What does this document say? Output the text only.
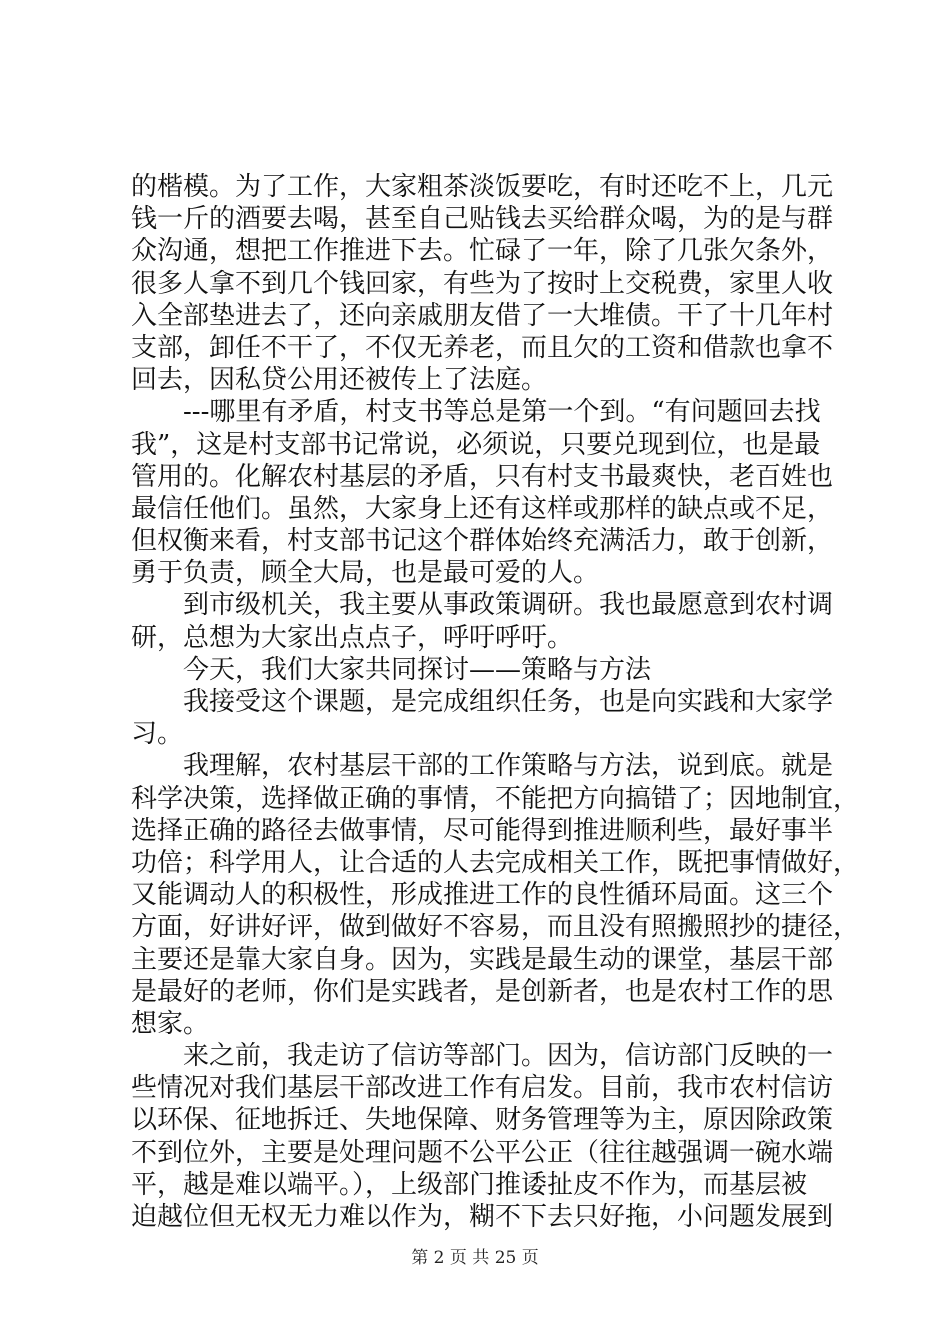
的楷模。为了工作，大家粗茶淡饭要吃，有时还吃不上，几元
钱一斤的酒要去喝，甚至自己贴钱去买给群众喝，为的是与群
众沟通，想把工作推进下去。忙碌了一年，除了几张欠条外，
很多人拿不到几个钱回家，有些为了按时上交税费，家里人收
入全部垫进去了，还向亲戚朋友借了一大堆债。干了十几年村
支部，卸任不干了，不仅无养老，而且欠的工资和借款也拿不
回去，因私贷公用还被传上了法庭。
---哪里有矛盾，村支书等总是第一个到。“有问题回去找
我”，这是村支部书记常说，必须说，只要兑现到位，也是最
管用的。化解农村基层的矛盾，只有村支书最爽快，老百姓也
最信任他们。虽然，大家身上还有这样或那样的缺点或不足，
但权衡来看，村支部书记这个群体始终充满活力，敢于创新，
勇于负责，顾全大局，也是最可爱的人。
到市级机关，我主要从事政策调研。我也最愿意到农村调
研，总想为大家出点点子，呼吁呼吁。
今天，我们大家共同探讨——策略与方法
我接受这个课题，是完成组织任务，也是向实践和大家学
习。
我理解，农村基层干部的工作策略与方法，说到底。就是
科学决策，选择做正确的事情，不能把方向搞错了；因地制宜，
选择正确的路径去做事情，尽可能得到推进顺利些，最好事半
功倍；科学用人，让合适的人去完成相关工作，既把事情做好，
又能调动人的积极性，形成推进工作的良性循环局面。这三个
方面，好讲好评，做到做好不容易，而且没有照搬照抄的捷径，
主要还是靠大家自身。因为，实践是最生动的课堂，基层干部
是最好的老师，你们是实践者，是创新者，也是农村工作的思
想家。
来之前，我走访了信访等部门。因为，信访部门反映的一
些情况对我们基层干部改进工作有启发。目前，我市农村信访
以环保、征地拆迁、失地保障、财务管理等为主，原因除政策
不到位外，主要是处理问题不公平公正（往往越强调一碗水端
平，越是难以端平。），上级部门推诿扯皮不作为，而基层被
迫越位但无权无力难以作为，糊不下去只好拖，小问题发展到
第 2 页 共 25 页
